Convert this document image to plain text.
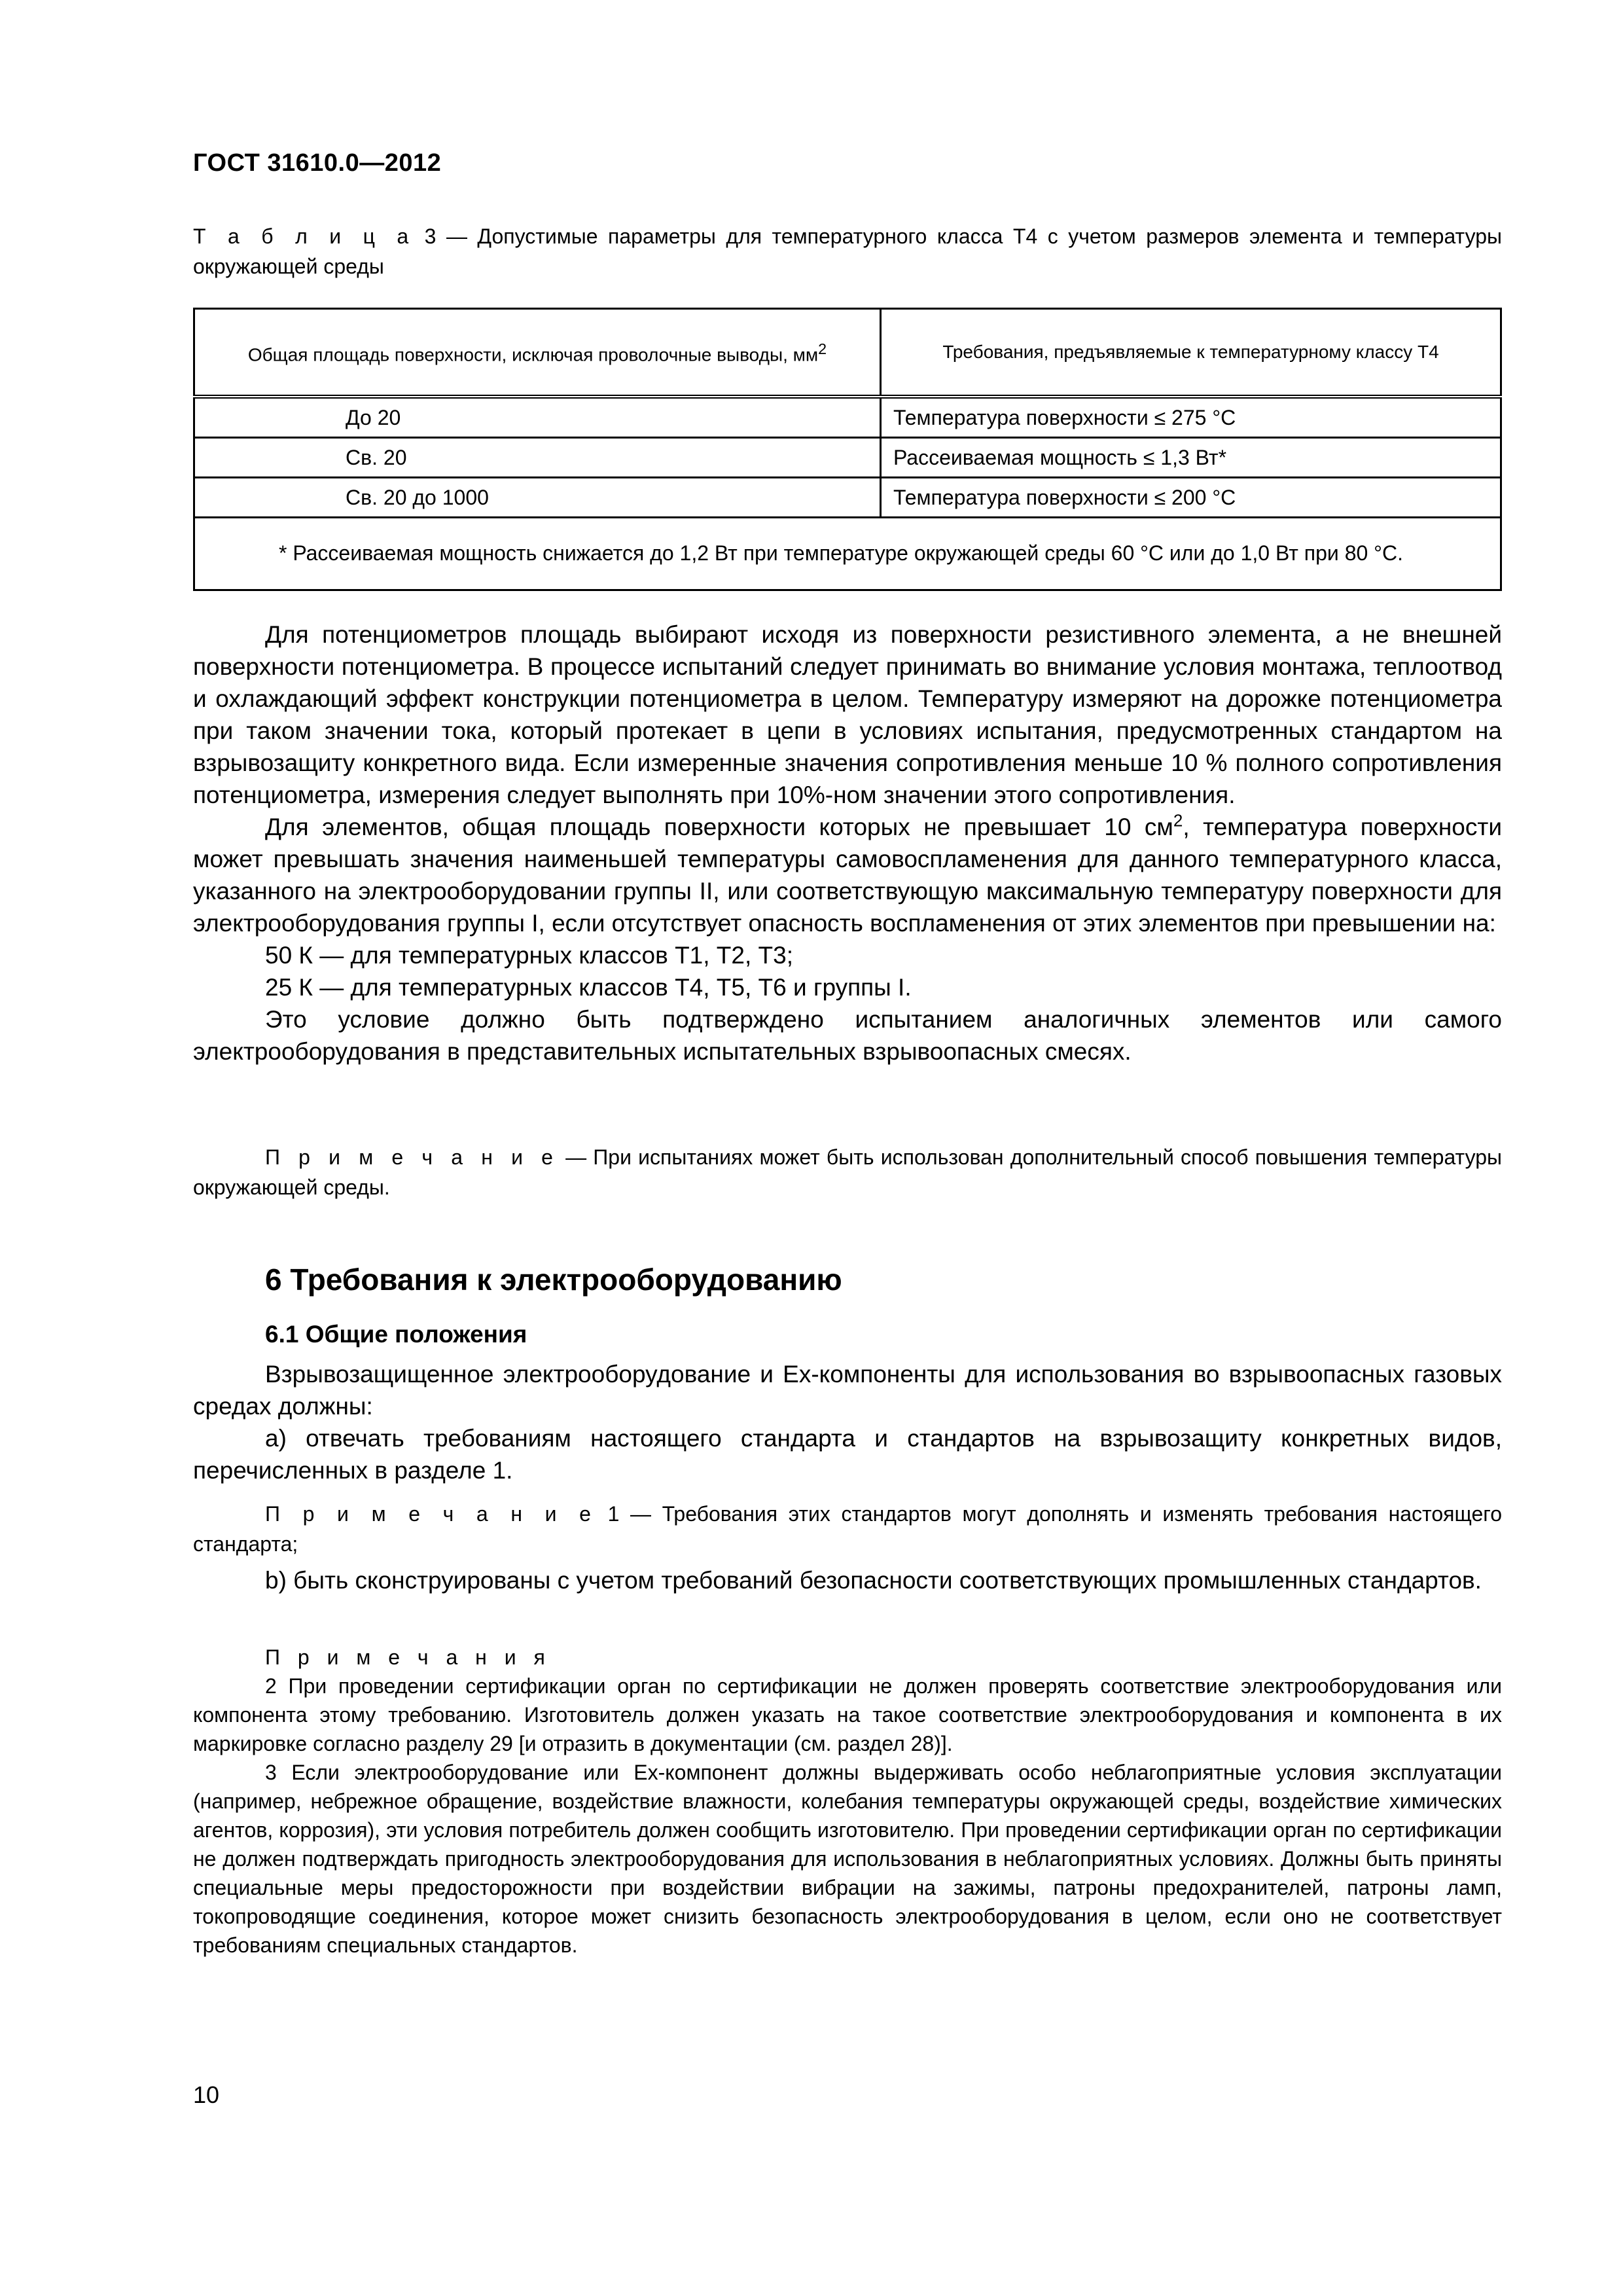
ГОСТ 31610.0—2012
Т а б л и ц а 3 — Допустимые параметры для температурного класса Т4 с учетом размеров элемента и температуры окружающей среды
Общая площадь поверхности, исключая проволочные выводы, $мм^2$	Требования, предъявляемые к температурному классу Т4
До 20	Температура поверхности ≤ 275 °С
Св. 20	Рассеиваемая мощность ≤ 1,3 Вт*
Св. 20 до 1000	Температура поверхности ≤ 200 °С
* Рассеиваемая мощность снижается до 1,2 Вт при температуре окружающей среды 60 °С или до 1,0 Вт при 80 °С.	

Для потенциометров площадь выбирают исходя из поверхности резистивного элемента, а не внешней поверхности потенциометра. В процессе испытаний следует принимать во внимание условия монтажа, теплоотвод и охлаждающий эффект конструкции потенциометра в целом. Температуру измеряют на дорожке потенциометра при таком значении тока, который протекает в цепи в условиях испытания, предусмотренных стандартом на взрывозащиту конкретного вида. Если измеренные значения сопротивления меньше 10 % полного сопротивления потенциометра, измерения следует выполнять при 10%-ном значении этого сопротивления.

Для элементов, общая площадь поверхности которых не превышает 10 $см^2$, температура поверхности может превышать значения наименьшей температуры самовоспламенения для данного температурного класса, указанного на электрооборудовании группы II, или соответствующую максимальную температуру поверхности для электрооборудования группы I, если отсутствует опасность воспламенения от этих элементов при превышении на:

50 К — для температурных классов Т1, Т2, Т3;

25 К — для температурных классов Т4, Т5, Т6 и группы I.

Это условие должно быть подтверждено испытанием аналогичных элементов или самого электрооборудования в представительных испытательных взрывоопасных смесях.

П р и м е ч а н и е — При испытаниях может быть использован дополнительный способ повышения температуры окружающей среды.
6 Требования к электрооборудованию
6.1 Общие положения

Взрывозащищенное электрооборудование и Ex-компоненты для использования во взрывоопасных газовых средах должны:

а) отвечать требованиям настоящего стандарта и стандартов на взрывозащиту конкретных видов, перечисленных в разделе 1.

П р и м е ч а н и е 1 — Требования этих стандартов могут дополнять и изменять требования настоящего стандарта;

b) быть сконструированы с учетом требований безопасности соответствующих промышленных стандартов.

П р и м е ч а н и я

2 При проведении сертификации орган по сертификации не должен проверять соответствие электрооборудования или компонента этому требованию. Изготовитель должен указать на такое соответствие электрооборудования и компонента в их маркировке согласно разделу 29 [и отразить в документации (см. раздел 28)].

3 Если электрооборудование или Ex-компонент должны выдерживать особо неблагоприятные условия эксплуатации (например, небрежное обращение, воздействие влажности, колебания температуры окружающей среды, воздействие химических агентов, коррозия), эти условия потребитель должен сообщить изготовителю. При проведении сертификации орган по сертификации не должен подтверждать пригодность электрооборудования для использования в неблагоприятных условиях. Должны быть приняты специальные меры предосторожности при воздействии вибрации на зажимы, патроны предохранителей, патроны ламп, токопроводящие соединения, которое может снизить безопасность электрооборудования в целом, если оно не соответствует требованиям специальных стандартов.

10
